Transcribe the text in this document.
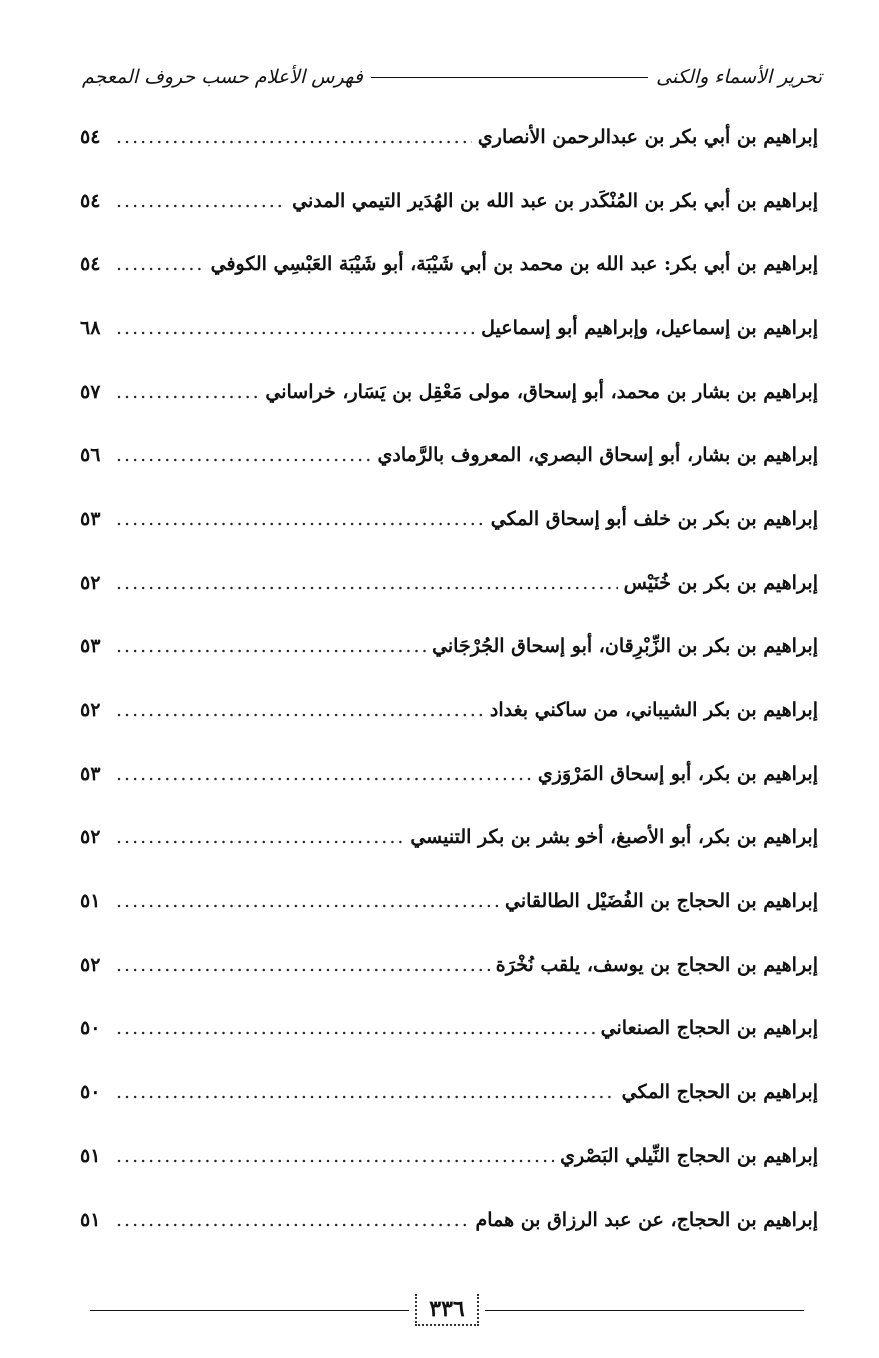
تحرير الأسماء والكنى
فهرس الأعلام حسب حروف المعجم
إبراهيم بن أبي بكر بن عبدالرحمن الأنصاري
.....
٥٤
إبراهيم بن أبي بكر بن المُنْكَدر بن عبد الله بن الهُدَير التيمي المدني
.....
٥٤
إبراهيم بن أبي بكر: عبد الله بن محمد بن أبي شَيْبَة، أبو شَيْبَة العَبْسِي الكوفي
.....
٥٤
إبراهيم بن إسماعيل، وإبراهيم أبو إسماعيل
.....
٦٨
إبراهيم بن بشار بن محمد، أبو إسحاق، مولى مَعْقِل بن يَسَار، خراساني
.....
٥٧
إبراهيم بن بشار، أبو إسحاق البصري، المعروف بالرَّمادي
.....
٥٦
إبراهيم بن بكر بن خلف أبو إسحاق المكي
.....
٥٣
إبراهيم بن بكر بن خُنَيْس
.....
٥٢
إبراهيم بن بكر بن الزِّبْرِقان، أبو إسحاق الجُرْجَاني
.....
٥٣
إبراهيم بن بكر الشيباني، من ساكني بغداد
.....
٥٢
إبراهيم بن بكر، أبو إسحاق المَرْوَزي
.....
٥٣
إبراهيم بن بكر، أبو الأصبغ، أخو بشر بن بكر التنيسي
.....
٥٢
إبراهيم بن الحجاج بن الفُضَيْل الطالقاني
.....
٥١
إبراهيم بن الحجاج بن يوسف، يلقب نُخْرَة
.....
٥٢
إبراهيم بن الحجاج الصنعاني
.....
٥٠
إبراهيم بن الحجاج المكي
.....
٥٠
إبراهيم بن الحجاج النِّيلي البَصْري
.....
٥١
إبراهيم بن الحجاج، عن عبد الرزاق بن همام
.....
٥١
٣٣٦
